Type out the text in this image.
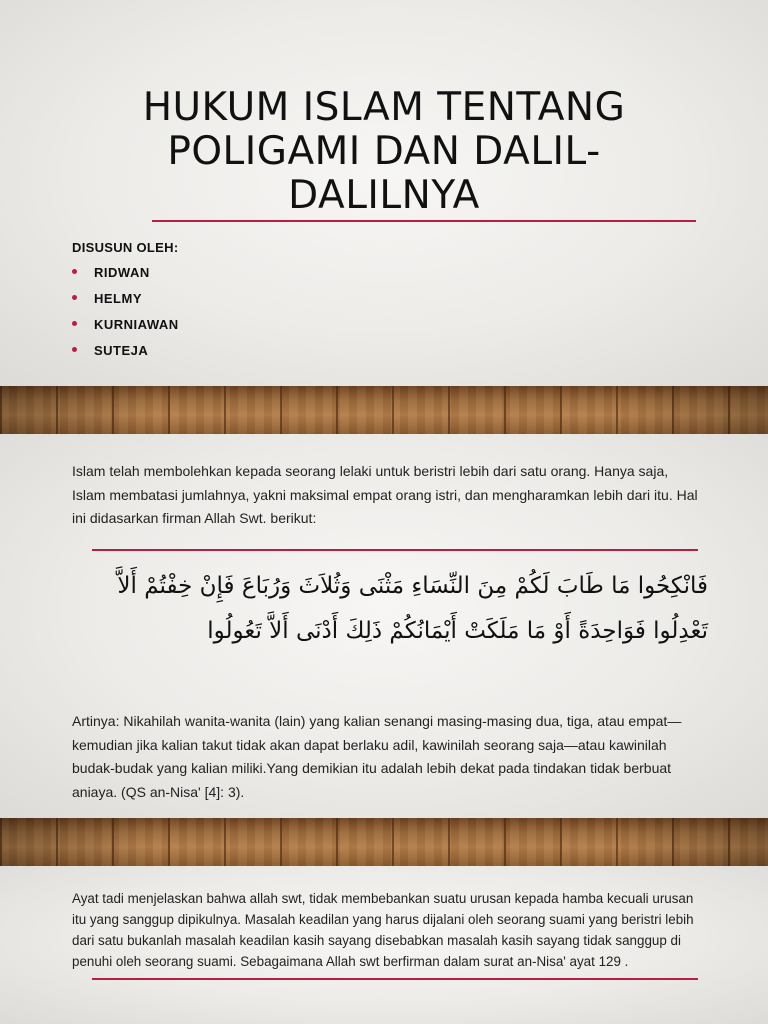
HUKUM ISLAM TENTANG
POLIGAMI DAN DALIL-
DALILNYA

DISUSUN OLEH:

RIDWAN
HELMY
KURNIAWAN
SUTEJA

Islam telah membolehkan kepada seorang lelaki untuk beristri lebih dari satu orang. Hanya saja, Islam membatasi jumlahnya, yakni maksimal empat orang istri, dan mengharamkan lebih dari itu. Hal ini didasarkan firman Allah Swt. berikut:

فَانْكِحُوا مَا طَابَ لَكُمْ مِنَ النِّسَاءِ مَثْنَى وَثُلاَثَ وَرُبَاعَ فَإِنْ خِفْتُمْ أَلاَّ
تَعْدِلُوا فَوَاحِدَةً أَوْ مَا مَلَكَتْ أَيْمَانُكُمْ ذَلِكَ أَدْنَى أَلاَّ تَعُولُوا

Artinya: Nikahilah wanita-wanita (lain) yang kalian senangi masing-masing dua, tiga, atau empat—kemudian jika kalian takut tidak akan dapat berlaku adil, kawinilah seorang saja—atau kawinilah budak-budak yang kalian miliki.Yang demikian itu adalah lebih dekat pada tindakan tidak berbuat aniaya. (QS an-Nisa' [4]: 3).

Ayat tadi menjelaskan bahwa allah swt, tidak membebankan suatu urusan kepada hamba kecuali urusan itu yang sanggup dipikulnya. Masalah keadilan yang harus dijalani oleh seorang suami yang beristri lebih dari satu bukanlah masalah keadilan kasih sayang disebabkan masalah kasih sayang tidak sanggup di penuhi oleh seorang suami. Sebagaimana Allah swt berfirman dalam surat an-Nisa' ayat 129 .
